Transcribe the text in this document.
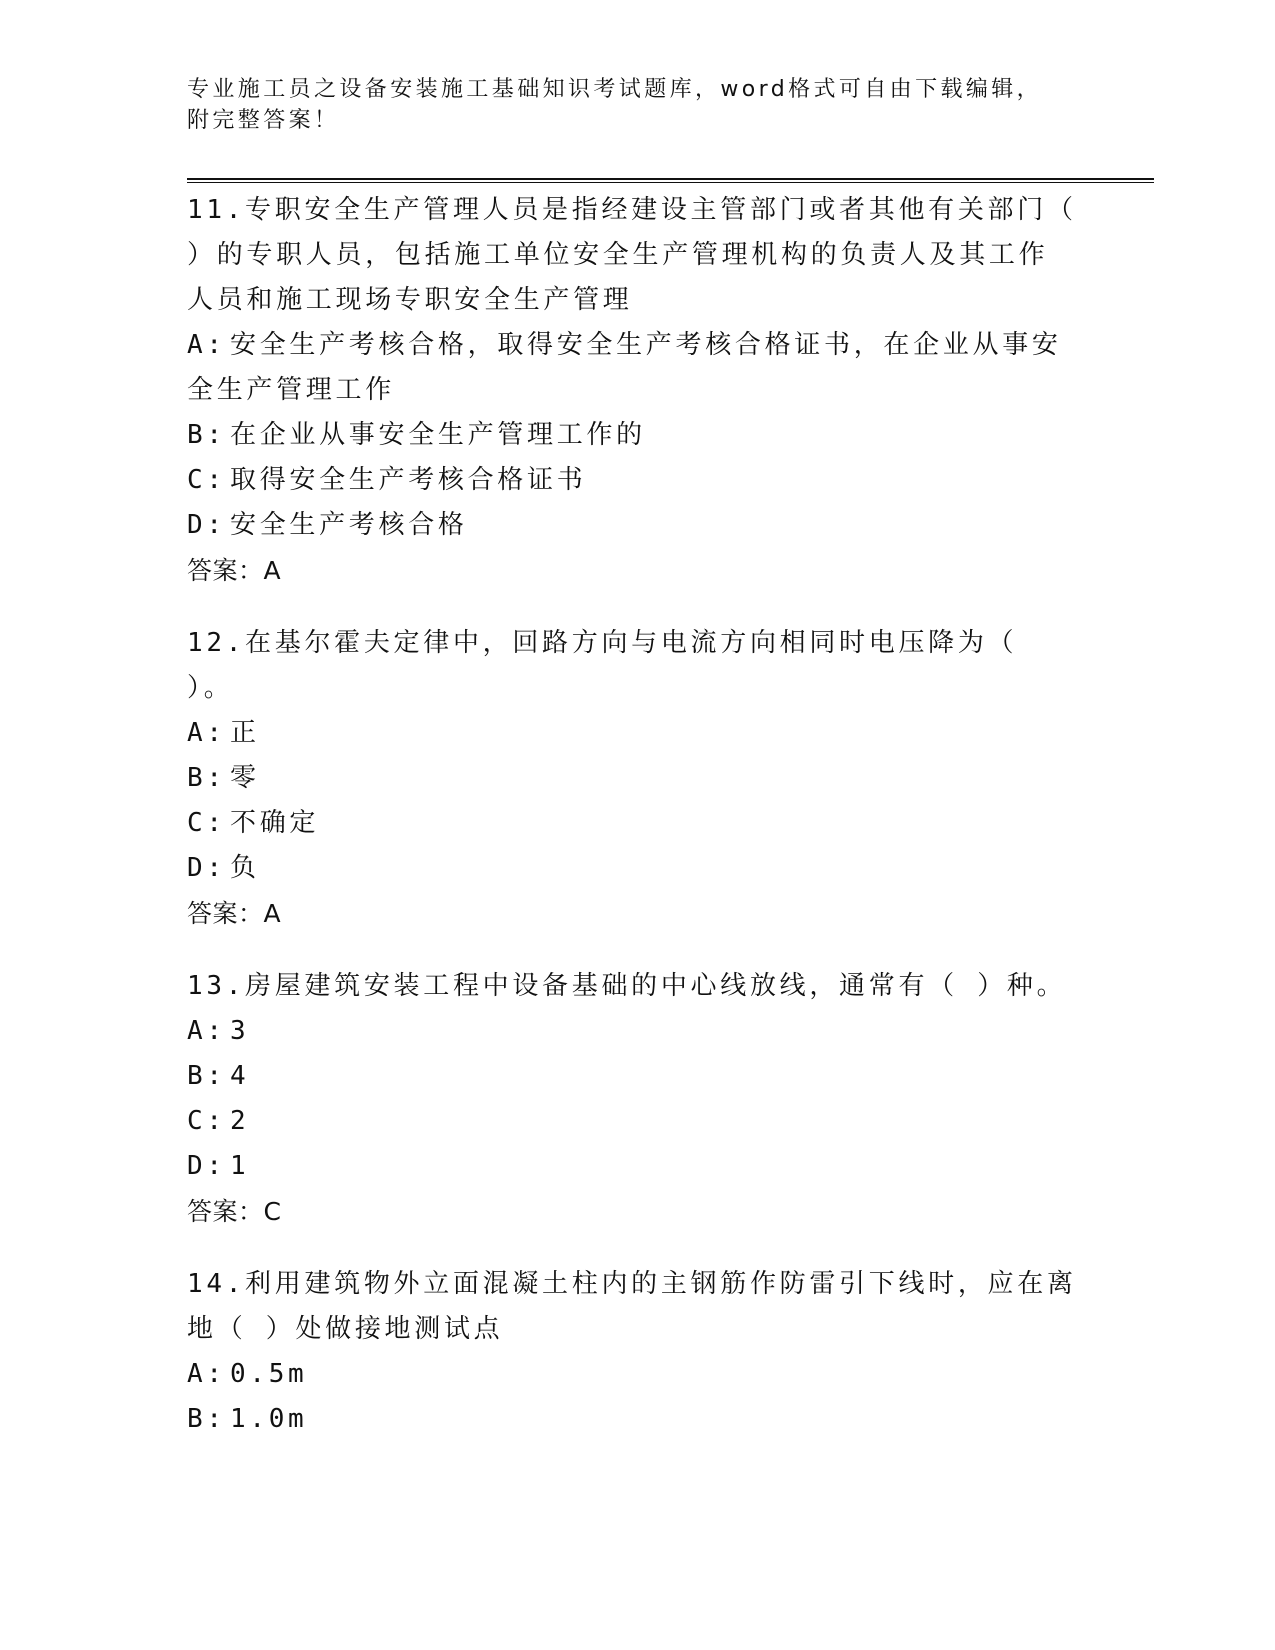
专业施工员之设备安装施工基础知识考试题库，word格式可自由下载编辑，附完整答案！

11.专职安全生产管理人员是指经建设主管部门或者其他有关部门（ ）的专职人员，包括施工单位安全生产管理机构的负责人及其工作人员和施工现场专职安全生产管理

A: 安全生产考核合格，取得安全生产考核合格证书，在企业从事安全生产管理工作

B: 在企业从事安全生产管理工作的

C: 取得安全生产考核合格证书

D: 安全生产考核合格

答案：A

12.在基尔霍夫定律中，回路方向与电流方向相同时电压降为（ ）。

A: 正

B: 零

C: 不确定

D: 负

答案：A

13.房屋建筑安装工程中设备基础的中心线放线，通常有（ ）种。

A: 3

B: 4

C: 2

D: 1

答案：C

14.利用建筑物外立面混凝土柱内的主钢筋作防雷引下线时，应在离地（ ）处做接地测试点

A: 0.5m

B: 1.0m
